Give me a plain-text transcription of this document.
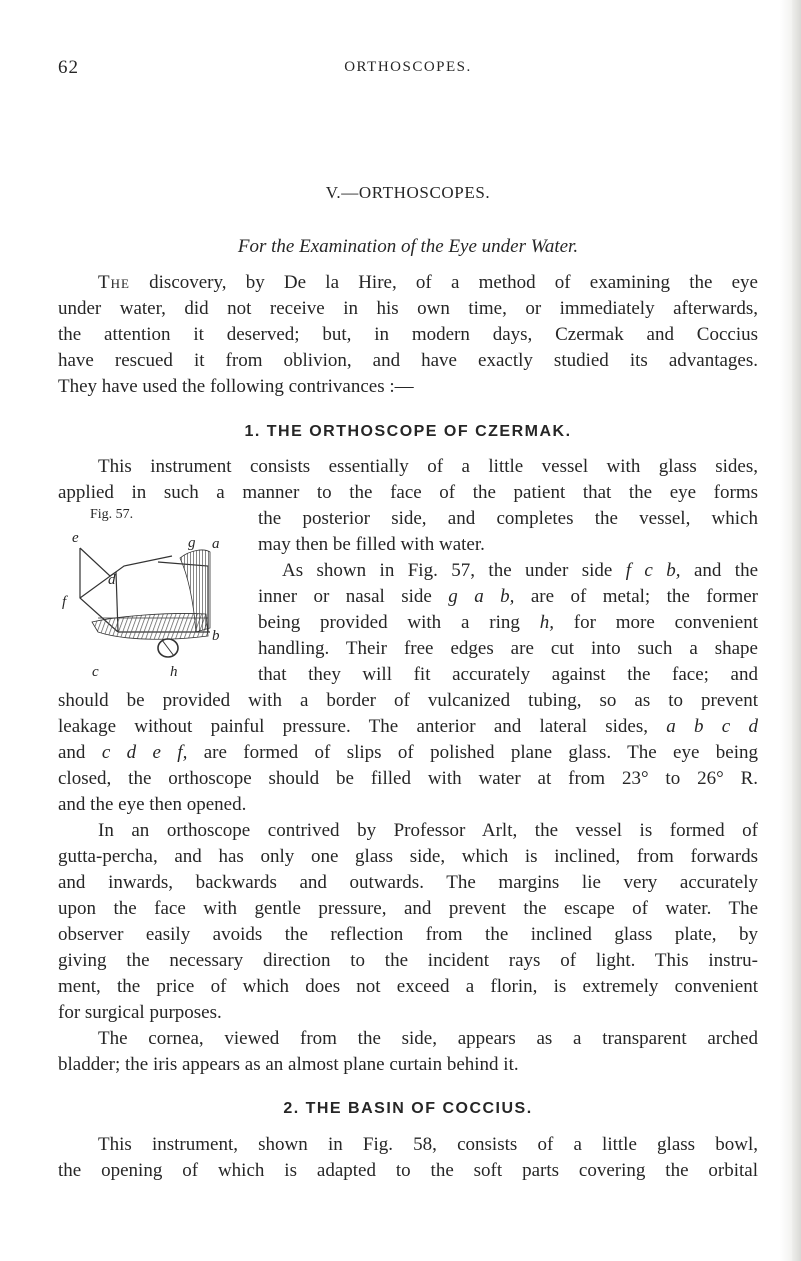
62	ORTHOSCOPES.
V.—ORTHOSCOPES.
For the Examination of the Eye under Water.
The discovery, by De la Hire, of a method of examining the eye
under water, did not receive in his own time, or immediately afterwards,
the attention it deserved; but, in modern days, Czermak and Coccius
have rescued it from oblivion, and have exactly studied its advantages.
They have used the following contrivances :—
1. THE ORTHOSCOPE OF CZERMAK.
This instrument consists essentially of a little vessel with glass sides,
applied in such a manner to the face of the patient that the eye forms
Fig. 57.	the posterior side, and completes the vessel, which
may then be filled with water.
As shown in Fig. 57, the under side f c b, and the
inner or nasal side g a b, are of metal; the former
being provided with a ring h, for more convenient
handling. Their free edges are cut into such a shape
that they will fit accurately against the face; and
should be provided with a border of vulcanized tubing, so as to prevent
leakage without painful pressure. The anterior and lateral sides, a b c d
and c d e f, are formed of slips of polished plane glass. The eye being
closed, the orthoscope should be filled with water at from 23° to 26° R.
and the eye then opened.
In an orthoscope contrived by Professor Arlt, the vessel is formed of
gutta-percha, and has only one glass side, which is inclined, from forwards
and inwards, backwards and outwards. The margins lie very accurately
upon the face with gentle pressure, and prevent the escape of water. The
observer easily avoids the reflection from the inclined glass plate, by
giving the necessary direction to the incident rays of light. This instru-
ment, the price of which does not exceed a florin, is extremely convenient
for surgical purposes.
The cornea, viewed from the side, appears as a transparent arched
bladder; the iris appears as an almost plane curtain behind it.
2. THE BASIN OF COCCIUS.
This instrument, shown in Fig. 58, consists of a little glass bowl,
the opening of which is adapted to the soft parts covering the orbital
e	g a
d
f
b
c	h
